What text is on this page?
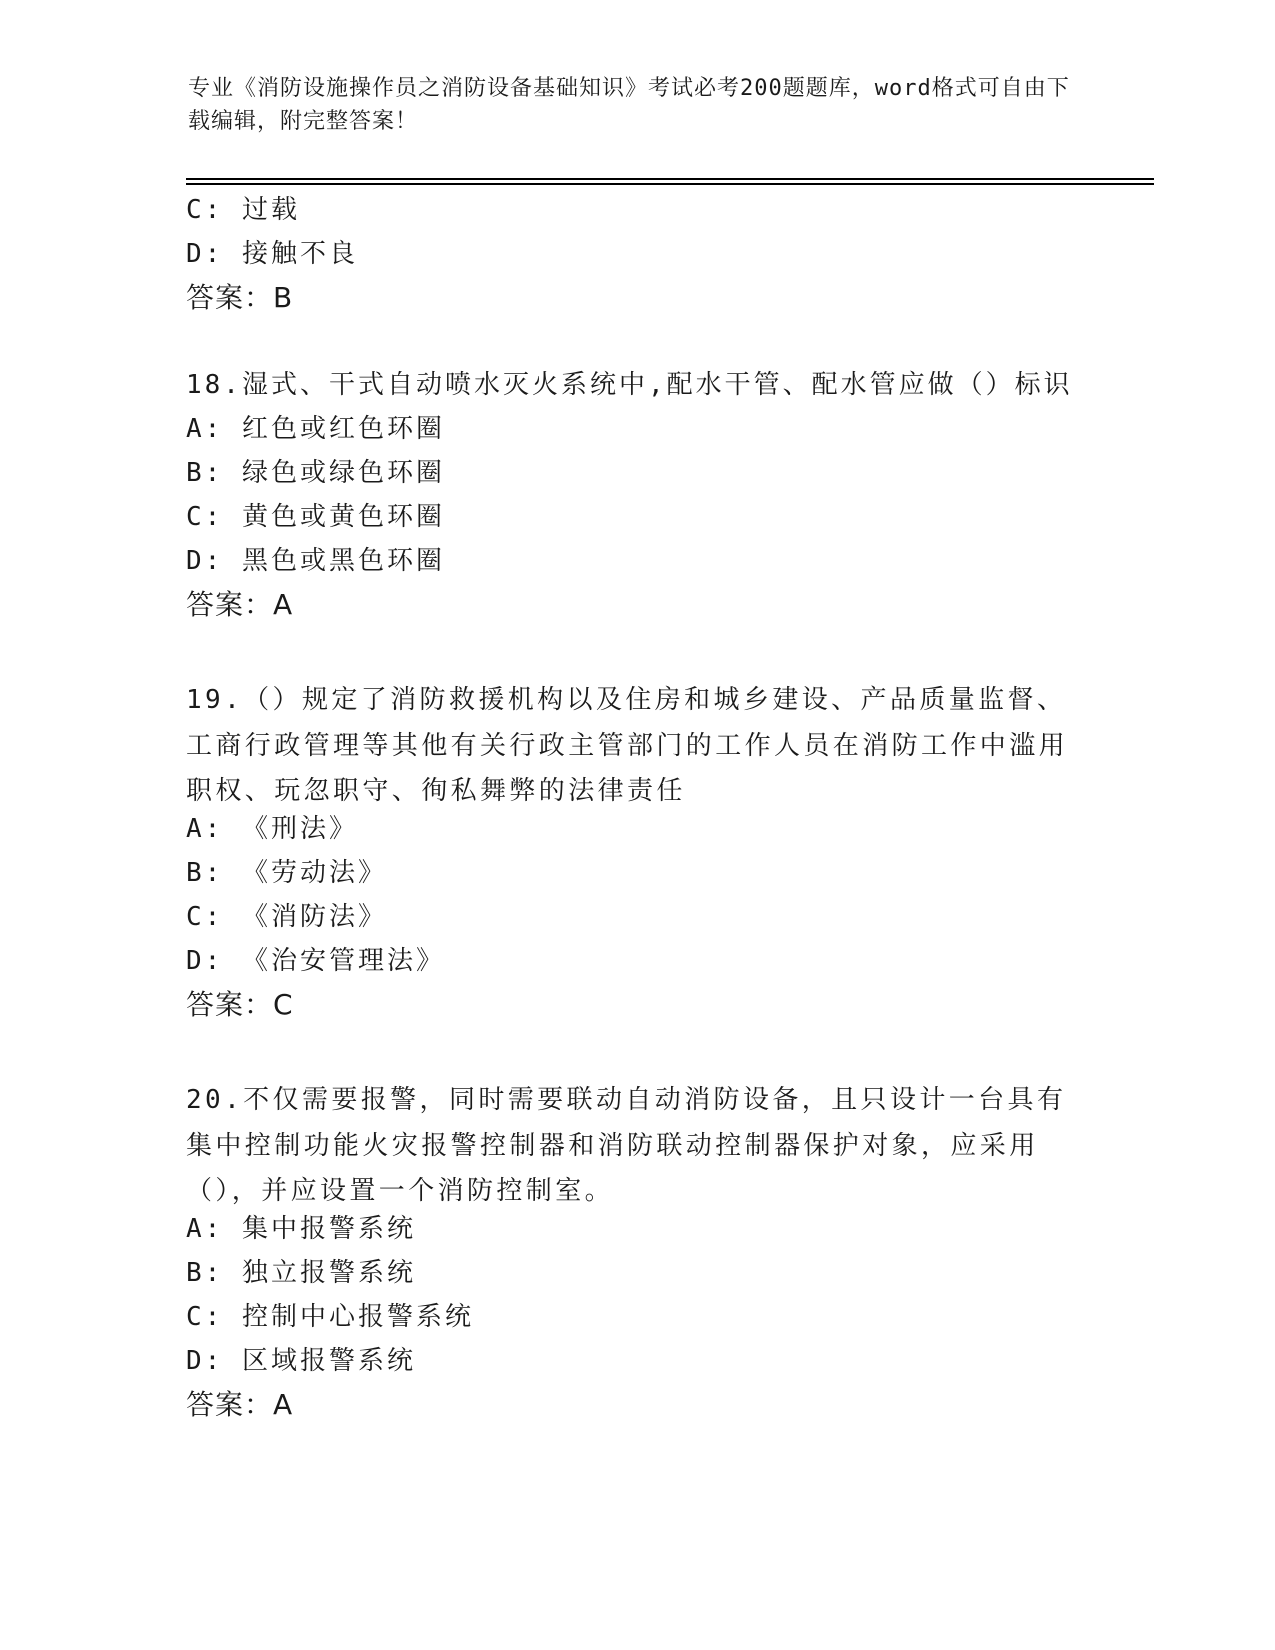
专业《消防设施操作员之消防设备基础知识》考试必考200题题库，word格式可自由下载编辑，附完整答案！
C: 过载
D: 接触不良
答案：B
18.湿式、干式自动喷水灭火系统中,配水干管、配水管应做（）标识
A: 红色或红色环圈
B: 绿色或绿色环圈
C: 黄色或黄色环圈
D: 黑色或黑色环圈
答案：A
19.（）规定了消防救援机构以及住房和城乡建设、产品质量监督、工商行政管理等其他有关行政主管部门的工作人员在消防工作中滥用职权、玩忽职守、徇私舞弊的法律责任
A: 《刑法》
B: 《劳动法》
C: 《消防法》
D: 《治安管理法》
答案：C
20.不仅需要报警，同时需要联动自动消防设备，且只设计一台具有集中控制功能火灾报警控制器和消防联动控制器保护对象，应采用（），并应设置一个消防控制室。
A: 集中报警系统
B: 独立报警系统
C: 控制中心报警系统
D: 区域报警系统
答案：A
